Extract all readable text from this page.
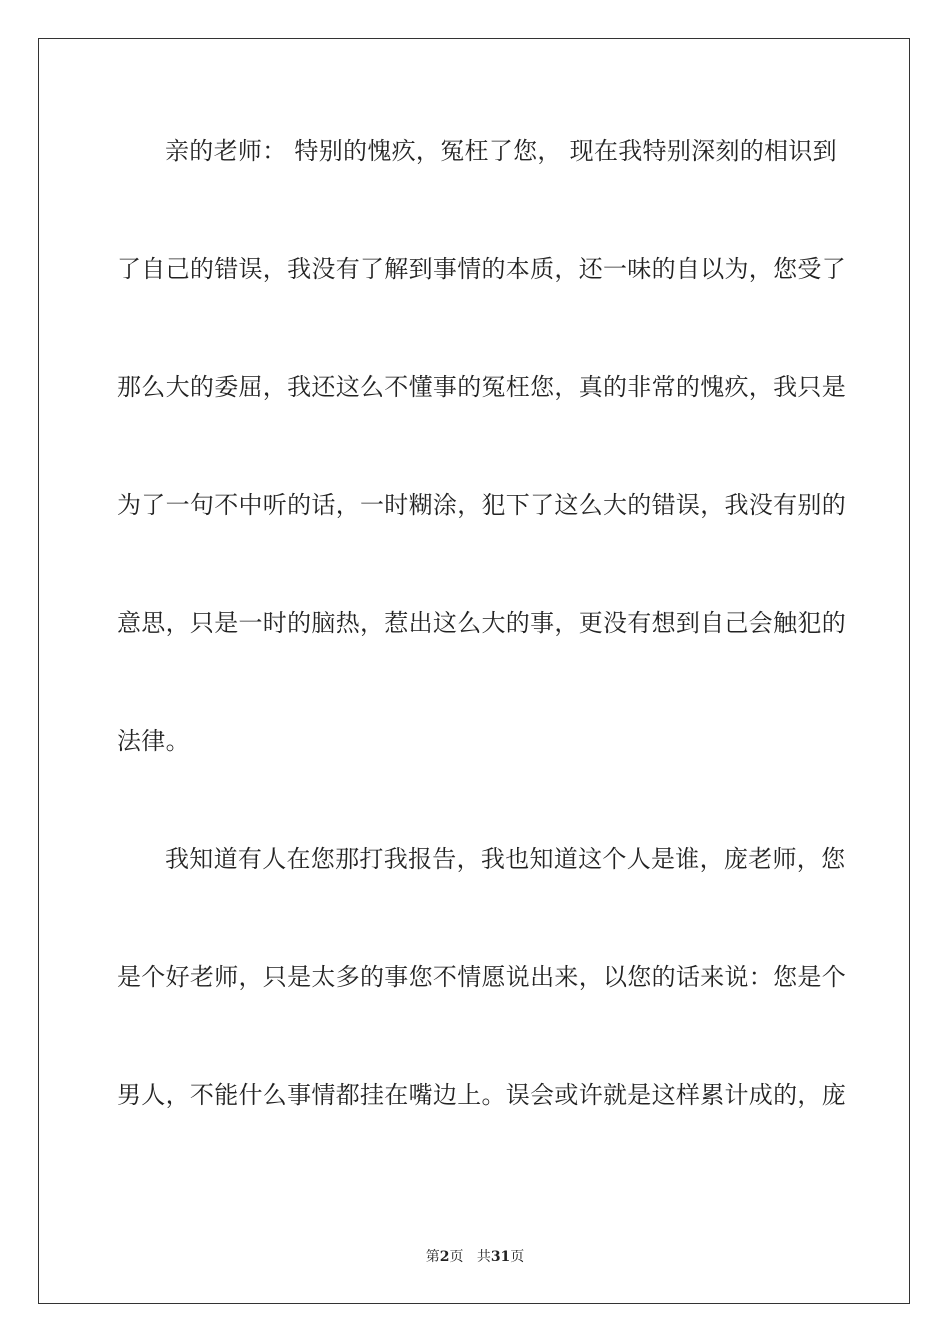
亲的老师： 特别的愧疚，冤枉了您， 现在我特别深刻的相识到
了自己的错误，我没有了解到事情的本质，还一味的自以为，您受了
那么大的委屈，我还这么不懂事的冤枉您，真的非常的愧疚，我只是
为了一句不中听的话，一时糊涂，犯下了这么大的错误，我没有别的
意思，只是一时的脑热，惹出这么大的事，更没有想到自己会触犯的
法律。
我知道有人在您那打我报告，我也知道这个人是谁，庞老师，您
是个好老师，只是太多的事您不情愿说出来，以您的话来说：您是个
男人，不能什么事情都挂在嘴边上。误会或许就是这样累计成的，庞
第2页 共31页
